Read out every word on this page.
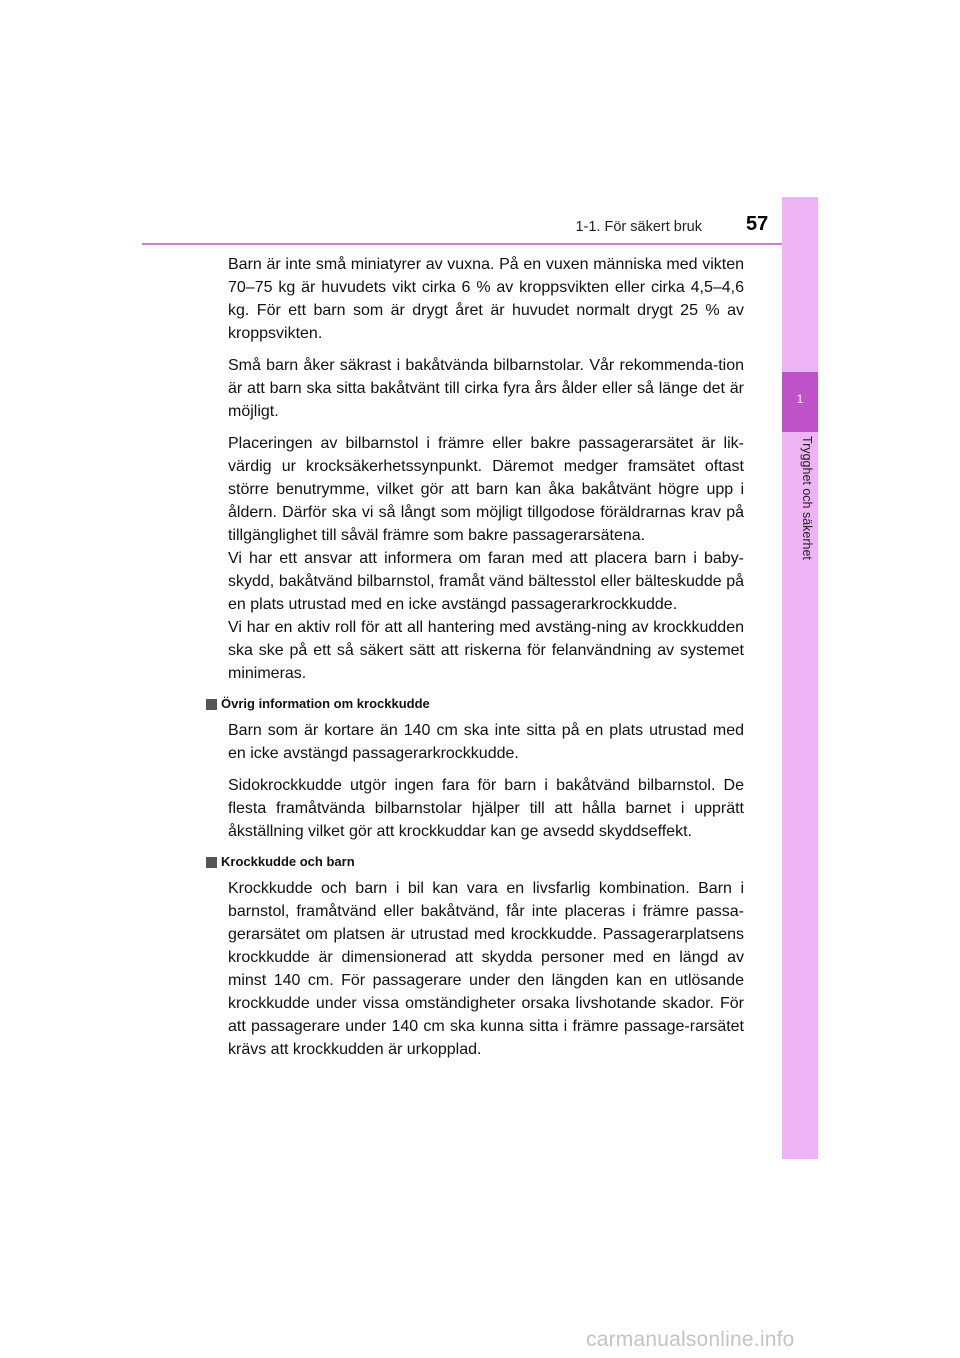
1-1. För säkert bruk 57
1
Trygghet och säkerhet

Barn är inte små miniatyrer av vuxna. På en vuxen människa med vikten 70–75 kg är huvudets vikt cirka 6 % av kroppsvikten eller cirka 4,5–4,6 kg. För ett barn som är drygt året är huvudet normalt drygt 25 % av kroppsvikten.

Små barn åker säkrast i bakåtvända bilbarnstolar. Vår rekommenda-tion är att barn ska sitta bakåtvänt till cirka fyra års ålder eller så länge det är möjligt.

Placeringen av bilbarnstol i främre eller bakre passagerarsätet är lik-värdig ur krocksäkerhetssynpunkt. Däremot medger framsätet oftast större benutrymme, vilket gör att barn kan åka bakåtvänt högre upp i åldern. Därför ska vi så långt som möjligt tillgodose föräldrarnas krav på tillgänglighet till såväl främre som bakre passagerarsätena.

Vi har ett ansvar att informera om faran med att placera barn i baby-skydd, bakåtvänd bilbarnstol, framåt vänd bältesstol eller bälteskudde på en plats utrustad med en icke avstängd passagerarkrockkudde.

Vi har en aktiv roll för att all hantering med avstäng-ning av krockkudden ska ske på ett så säkert sätt att riskerna för felanvändning av systemet minimeras.

Övrig information om krockkudde

Barn som är kortare än 140 cm ska inte sitta på en plats utrustad med en icke avstängd passagerarkrockkudde.

Sidokrockkudde utgör ingen fara för barn i bakåtvänd bilbarnstol. De flesta framåtvända bilbarnstolar hjälper till att hålla barnet i upprätt åkställning vilket gör att krockkuddar kan ge avsedd skyddseffekt.

Krockkudde och barn

Krockkudde och barn i bil kan vara en livsfarlig kombination. Barn i barnstol, framåtvänd eller bakåtvänd, får inte placeras i främre passa-gerarsätet om platsen är utrustad med krockkudde. Passagerarplatsens krockkudde är dimensionerad att skydda personer med en längd av minst 140 cm. För passagerare under den längden kan en utlösande krockkudde under vissa omständigheter orsaka livshotande skador. För att passagerare under 140 cm ska kunna sitta i främre passage-rarsätet krävs att krockkudden är urkopplad.

carmanualsonline.info
